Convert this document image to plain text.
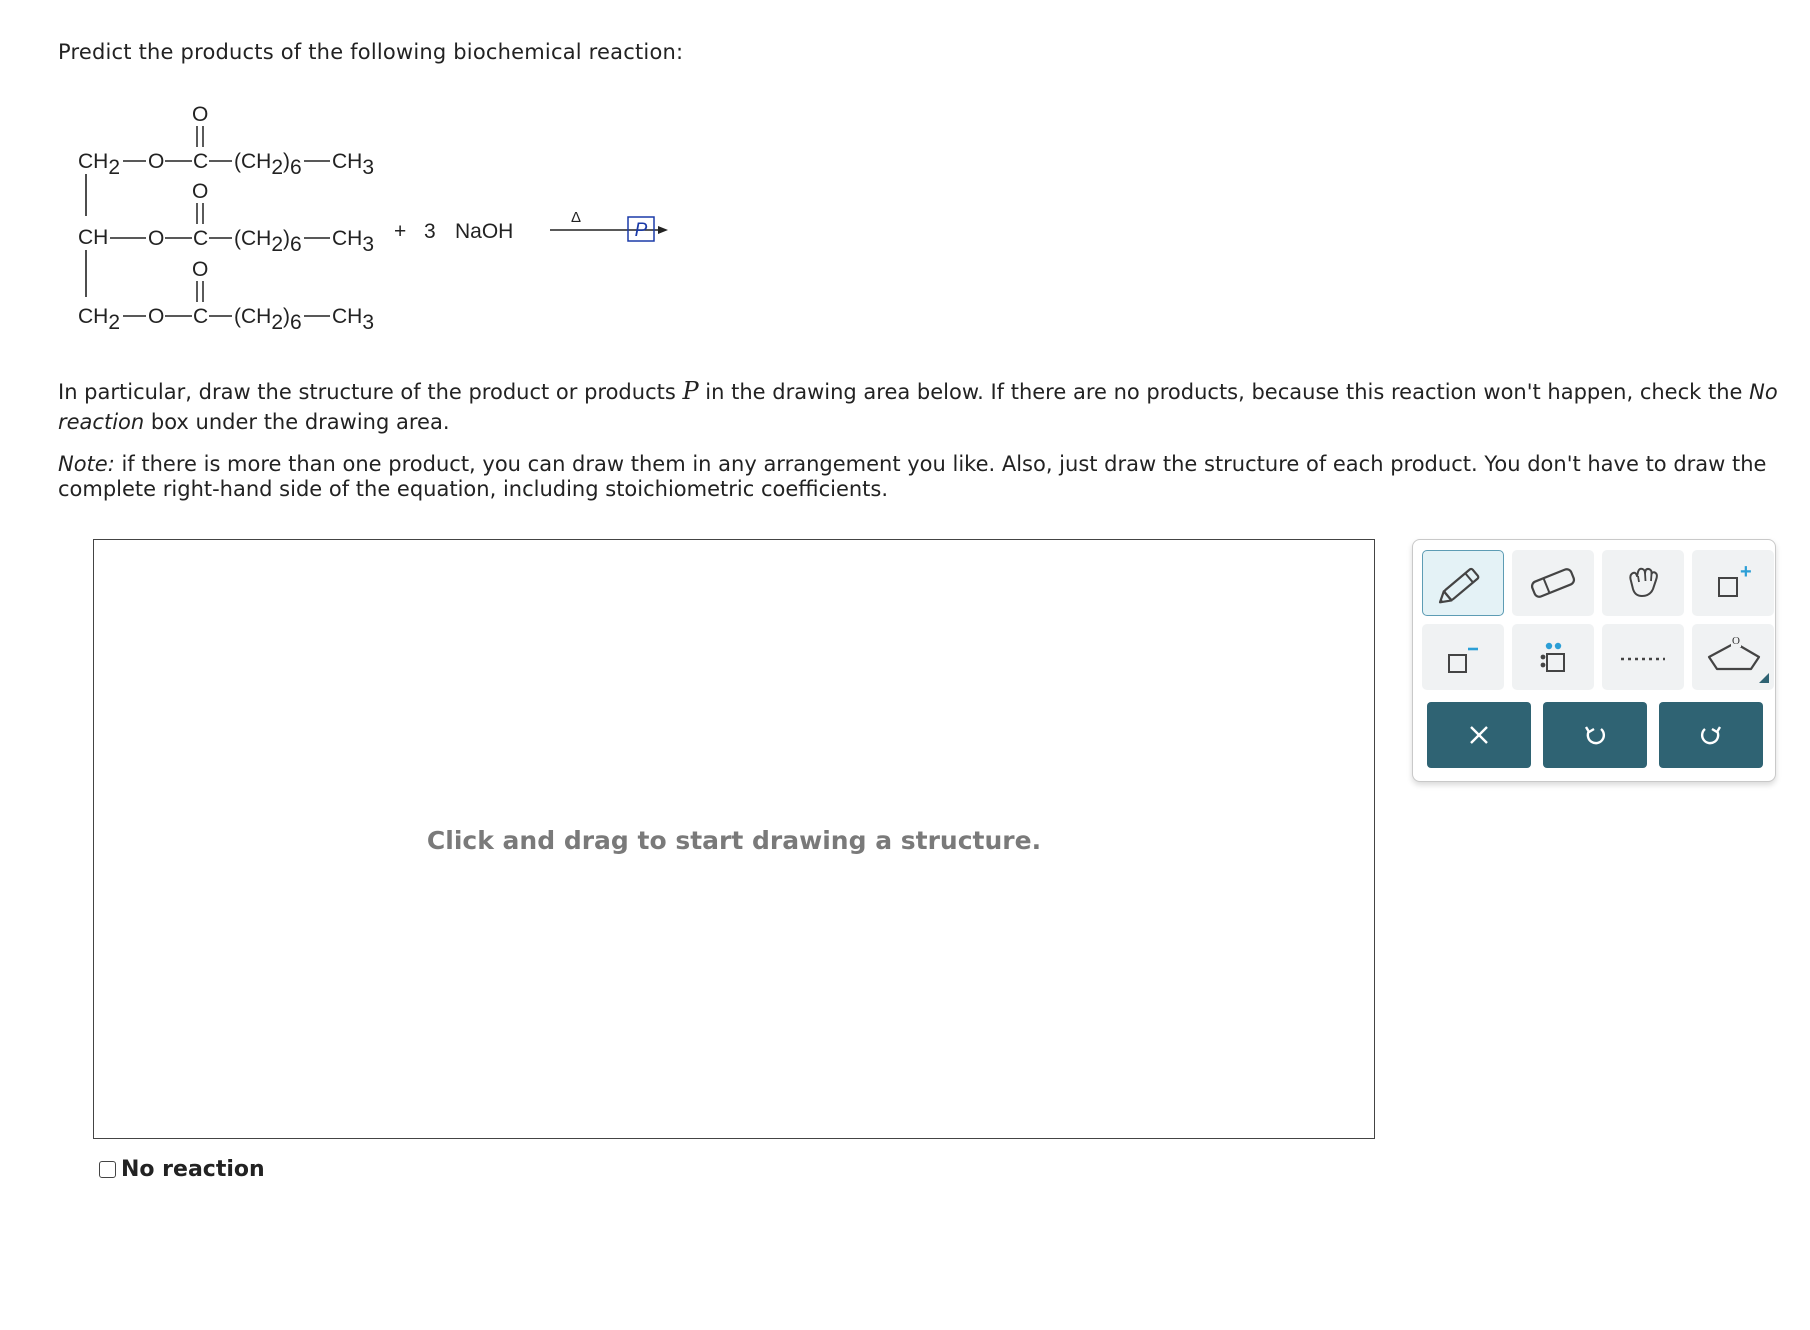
Predict the products of the following biochemical reaction:
CH2 O C
O
(CH2)6 CH3
CH O C
O
(CH2)6 CH3
CH2 O C
O
(CH2)6 CH3
+ 3 NaOH
Δ
P
In particular, draw the structure of the product or products P in the drawing area below. If there are no products, because this reaction won't happen, check the No reaction box under the drawing area.
Note: if there is more than one product, you can draw them in any arrangement you like. Also, just draw the structure of each product. You don't have to draw the complete right-hand side of the equation, including stoichiometric coefficients.
Click and drag to start drawing a structure.
No reaction
+
O
